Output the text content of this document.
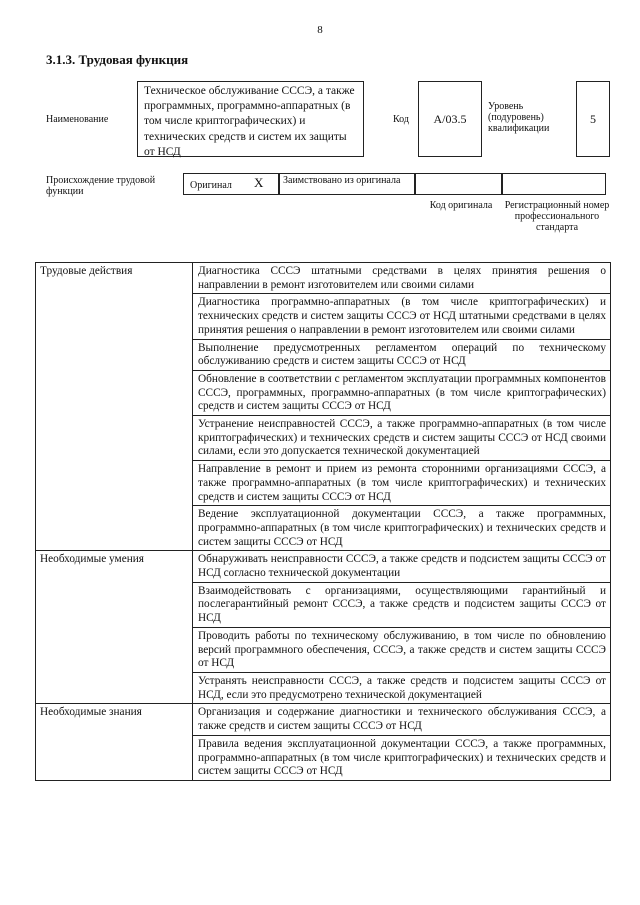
8
3.1.3. Трудовая функция
Наименование
Техническое обслуживание СССЭ, а также программных, программно-аппаратных (в том числе криптографических) и технических средств и систем их защиты от НСД
Код А/03.5
Уровень (подуровень) квалификации
5
Происхождение трудовой функции
Оригинал X	Заимствовано из оригинала
Код оригинала	Регистрационный номер профессионального стандарта
Трудовые действия	Диагностика СССЭ штатными средствами в целях принятия решения о направлении в ремонт изготовителем или своими силами
	Диагностика программно-аппаратных (в том числе криптографических) и технических средств и систем защиты СССЭ от НСД штатными средствами в целях принятия решения о направлении в ремонт изготовителем или своими силами
	Выполнение предусмотренных регламентом операций по техническому обслуживанию средств и систем защиты СССЭ от НСД
	Обновление в соответствии с регламентом эксплуатации программных компонентов СССЭ, программных, программно-аппаратных (в том числе криптографических) средств и систем защиты СССЭ от НСД
	Устранение неисправностей СССЭ, а также программно-аппаратных (в том числе криптографических) и технических средств и систем защиты СССЭ от НСД своими силами, если это допускается технической документацией
	Направление в ремонт и прием из ремонта сторонними организациями СССЭ, а также программно-аппаратных (в том числе криптографических) и технических средств и систем защиты СССЭ от НСД
	Ведение эксплуатационной документации СССЭ, а также программных, программно-аппаратных (в том числе криптографических) и технических средств и систем защиты СССЭ от НСД
Необходимые умения	Обнаруживать неисправности СССЭ, а также средств и подсистем защиты СССЭ от НСД согласно технической документации
	Взаимодействовать с организациями, осуществляющими гарантийный и послегарантийный ремонт СССЭ, а также средств и подсистем защиты СССЭ от НСД
	Проводить работы по техническому обслуживанию, в том числе по обновлению версий программного обеспечения, СССЭ, а также средств и систем защиты СССЭ от НСД
	Устранять неисправности СССЭ, а также средств и подсистем защиты СССЭ от НСД, если это предусмотрено технической документацией
Необходимые знания	Организация и содержание диагностики и технического обслуживания СССЭ, а также средств и систем защиты СССЭ от НСД
	Правила ведения эксплуатационной документации СССЭ, а также программных, программно-аппаратных (в том числе криптографических) и технических средств и систем защиты СССЭ от НСД
